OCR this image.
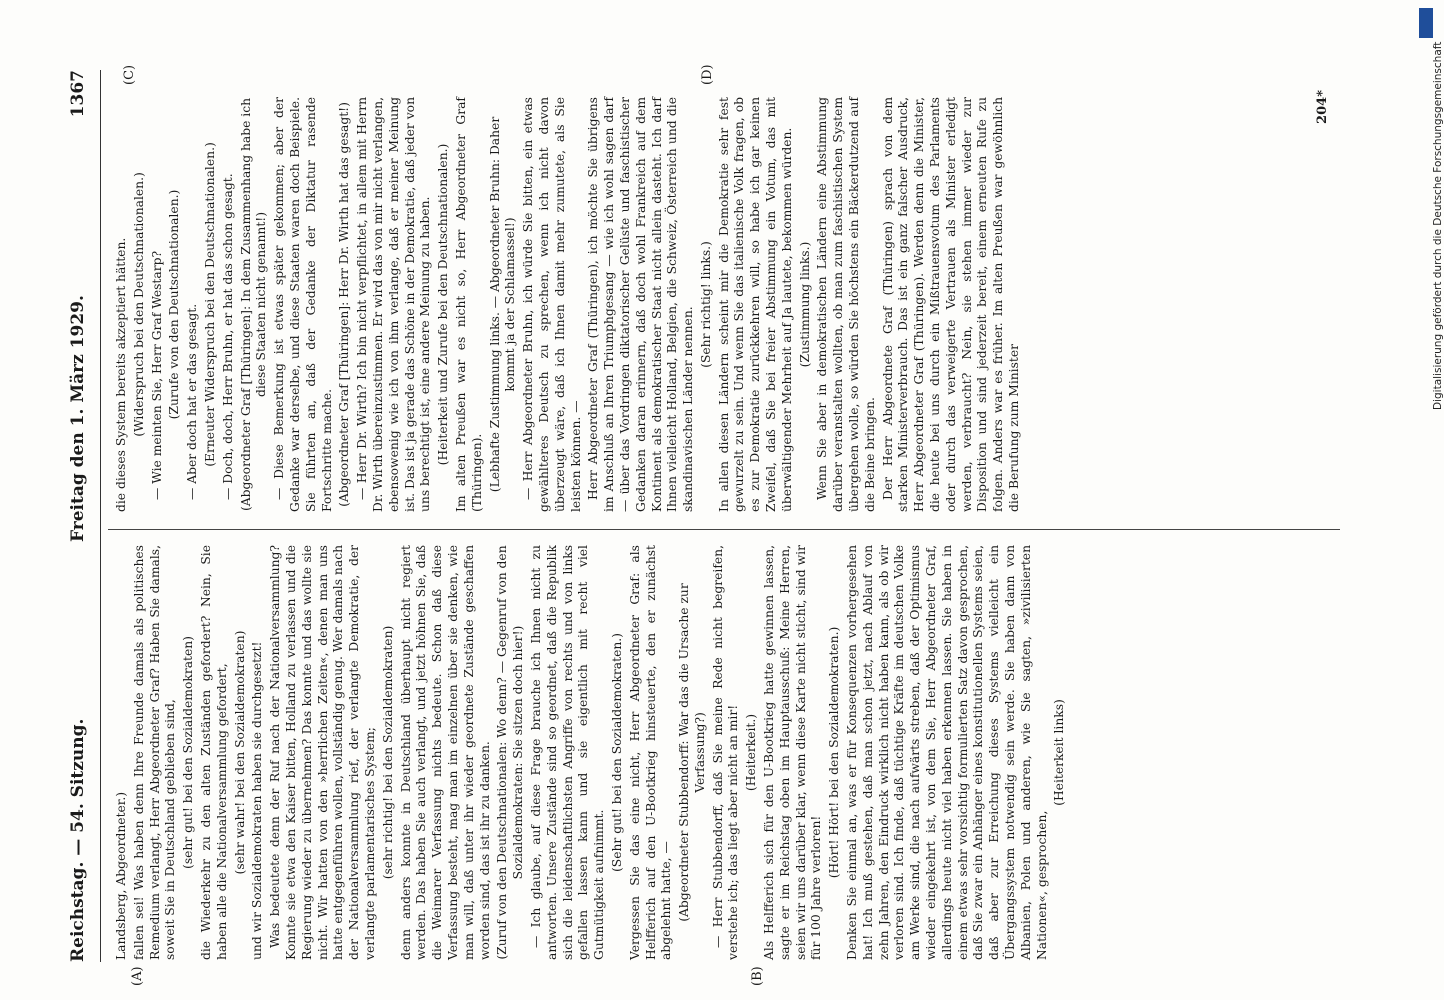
Reichstag. — 54. Sitzung.
Freitag den 1. März 1929.
1367
(A)	(B)
(C)	(D)

Landsberg, Abgeordneter.) fallen sei! Was haben denn Ihre Freunde damals als politisches Remedium verlangt, Herr Abgeordneter Graf? Haben Sie damals, soweit Sie in Deutschland geblieben sind, (sehr gut! bei den Sozialdemokraten) die Wiederkehr zu den alten Zuständen gefordert? Nein, Sie haben alle die Nationalversammlung gefordert, (sehr wahr! bei den Sozialdemokraten) und wir Sozialdemokraten haben sie durchgesetzt! Was bedeutete denn der Ruf nach der Nationalversammlung? Konnte sie etwa den Kaiser bitten, Holland zu verlassen und die Regierung wieder zu übernehmen? Das konnte und das wollte sie nicht. Wir hatten von den »herrlichen Zeiten«, denen man uns hatte entgegenführen wollen, vollständig genug. Wer damals nach der Nationalversammlung rief, der verlangte Demokratie, der verlangte parlamentarisches System; (sehr richtig! bei den Sozialdemokraten) denn anders konnte in Deutschland überhaupt nicht regiert werden. Das haben Sie auch verlangt, und jetzt höhnen Sie, daß die Weimarer Verfassung nichts bedeute. Schon daß diese Verfassung besteht, mag man im einzelnen über sie denken, wie man will, daß unter ihr wieder geordnete Zustände geschaffen worden sind, das ist ihr zu danken. (Zuruf von den Deutschnationalen: Wo denn? — Gegenruf von den Sozialdemokraten: Sie sitzen doch hier!) — Ich glaube, auf diese Frage brauche ich Ihnen nicht zu antworten. Unsere Zustände sind so geordnet, daß die Republik sich die leidenschaftlichsten Angriffe von rechts und von links gefallen lassen kann und sie eigentlich mit recht viel Gutmütigkeit aufnimmt.

(Sehr gut! bei den Sozialdemokraten.) Vergessen Sie das eine nicht, Herr Abgeordneter Graf: als Helfferich auf den U-Bootkrieg hinsteuerte, den er zunächst abgelehnt hatte, — (Abgeordneter Stubbendorff: War das die Ursache zur Verfassung?) — Herr Stubbendorff, daß Sie meine Rede nicht begreifen, verstehe ich; das liegt aber nicht an mir! (Heiterkeit.) Als Helfferich sich für den U-Bootkrieg hatte gewinnen lassen, sagte er im Reichstag oben im Hauptausschuß: Meine Herren, seien wir uns darüber klar, wenn diese Karte nicht sticht, sind wir für 100 Jahre verloren!

(Hört! Hört! bei den Sozialdemokraten.) Denken Sie einmal an, was er für Konsequenzen vorhergesehen hat! Ich muß gestehen, daß man schon jetzt, nach Ablauf von zehn Jahren, den Eindruck wirklich nicht haben kann, als ob wir verloren sind. Ich finde, daß tüchtige Kräfte im deutschen Volke am Werke sind, die nach aufwärts streben, daß der Optimismus wieder eingekehrt ist, von dem Sie, Herr Abgeordneter Graf, allerdings heute nicht viel haben erkennen lassen. Sie haben in einem etwas sehr vorsichtig formulierten Satz davon gesprochen, daß Sie zwar ein Anhänger eines konstitutionellen Systems seien, daß aber zur Erreichung dieses Systems vielleicht ein Übergangssystem notwendig sein werde. Sie haben dann von Albanien, Polen und anderen, wie Sie sagten, »zivilisierten Nationen«, gesprochen,

(Heiterkeit links)

die dieses System bereits akzeptiert hätten. (Widerspruch bei den Deutschnationalen.) — Wie meinten Sie, Herr Graf Westarp? (Zurufe von den Deutschnationalen.) — Aber doch hat er das gesagt. (Erneuter Widerspruch bei den Deutschnationalen.) — Doch, doch, Herr Bruhn, er hat das schon gesagt. (Abgeordneter Graf [Thüringen]: In dem Zusammenhang habe ich diese Staaten nicht genannt!) — Diese Bemerkung ist etwas später gekommen; aber der Gedanke war derselbe, und diese Staaten waren doch Beispiele. Sie führten an, daß der Gedanke der Diktatur rasende Fortschritte mache. (Abgeordneter Graf [Thüringen]: Herr Dr. Wirth hat das gesagt!) — Herr Dr. Wirth? Ich bin nicht verpflichtet, in allem mit Herrn Dr. Wirth übereinzustimmen. Er wird das von mir nicht verlangen, ebensowenig wie ich von ihm verlange, daß er meiner Meinung ist. Das ist ja gerade das Schöne in der Demokratie, daß jeder von uns berechtigt ist, eine andere Meinung zu haben. (Heiterkeit und Zurufe bei den Deutschnationalen.) Im alten Preußen war es nicht so, Herr Abgeordneter Graf (Thüringen). (Lebhafte Zustimmung links. — Abgeordneter Bruhn: Daher kommt ja der Schlamassel!) — Herr Abgeordneter Bruhn, ich würde Sie bitten, ein etwas gewählteres Deutsch zu sprechen, wenn ich nicht davon überzeugt wäre, daß ich Ihnen damit mehr zumutete, als Sie leisten können. — Herr Abgeordneter Graf (Thüringen), ich möchte Sie übrigens im Anschluß an Ihren Triumphgesang — wie ich wohl sagen darf — über das Vordringen diktatorischer Gelüste und faschistischer Gedanken daran erinnern, daß doch wohl Frankreich auf dem Kontinent als demokratischer Staat nicht allein dasteht. Ich darf Ihnen vielleicht Holland, Belgien, die Schweiz, Österreich und die skandinavischen Länder nennen.

(Sehr richtig! links.) In allen diesen Ländern scheint mir die Demokratie sehr fest gewurzelt zu sein. Und wenn Sie das italienische Volk fragen, ob es zur Demokratie zurückkehren will, so habe ich gar keinen Zweifel, daß Sie bei freier Abstimmung ein Votum, das mit überwältigender Mehrheit auf Ja lautete, bekommen würden. (Zustimmung links.) Wenn Sie aber in demokratischen Ländern eine Abstimmung darüber veranstalten wollten, ob man zum faschistischen System übergehen wolle, so würden Sie höchstens ein Bäckerdutzend auf die Beine bringen. Der Herr Abgeordnete Graf (Thüringen) sprach von dem starken Ministerverbrauch. Das ist ein ganz falscher Ausdruck, Herr Abgeordneter Graf (Thüringen). Werden denn die Minister, die heute bei uns durch ein Mißtrauensvotum des Parlaments oder durch das verweigerte Vertrauen als Minister erledigt werden, verbraucht? Nein, sie stehen immer wieder zur Disposition und sind jederzeit bereit, einem erneuten Rufe zu folgen. Anders war es früher. Im alten Preußen war gewöhnlich die Berufung zum Minister

204*	Digitalisierung gefördert durch die Deutsche Forschungsgemeinschaft
